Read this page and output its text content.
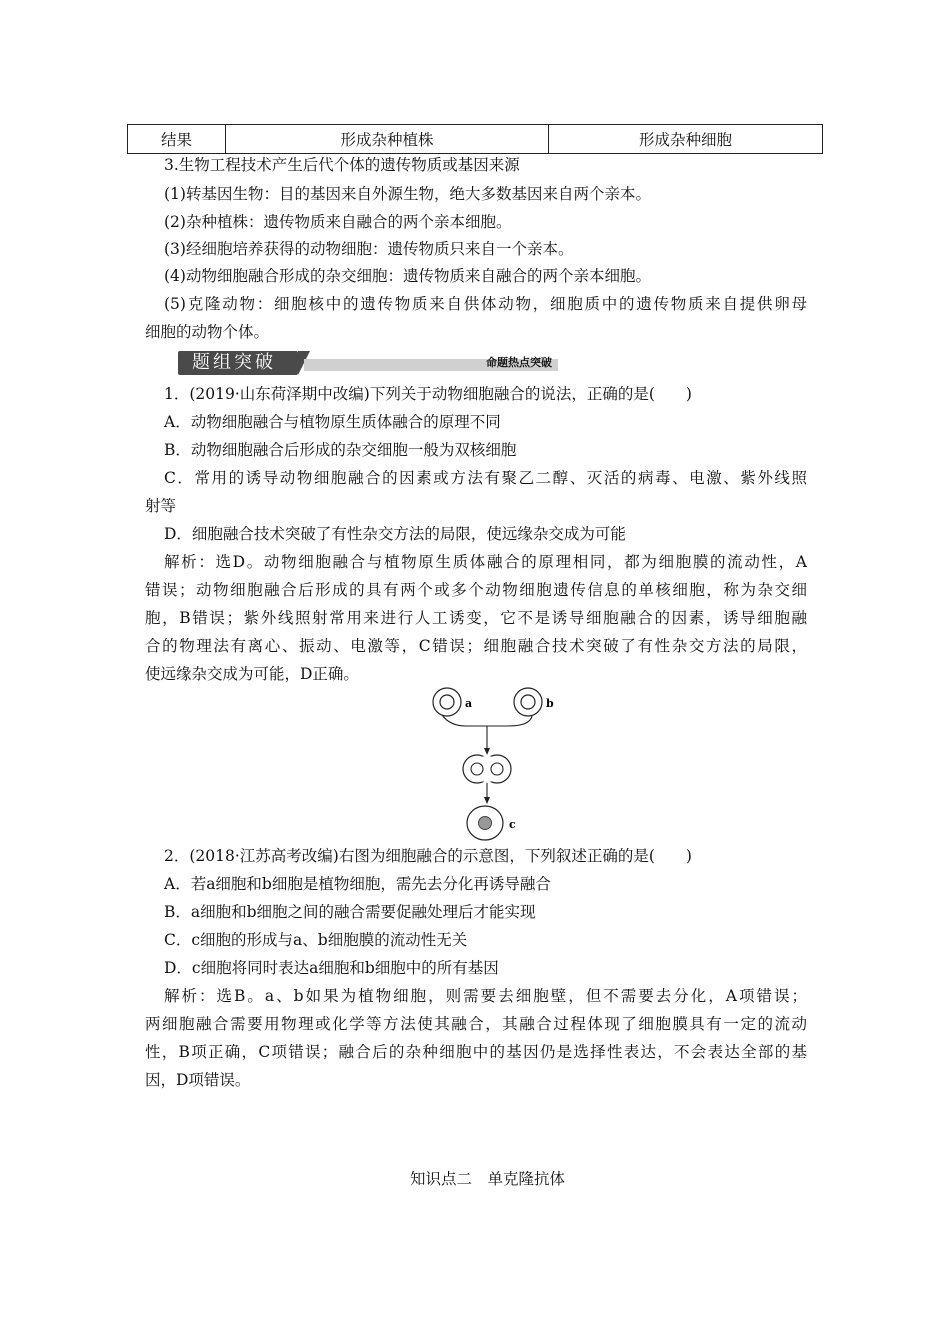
结果	形成杂种植株	形成杂种细胞
3.生物工程技术产生后代个体的遗传物质或基因来源
(1)转基因生物：目的基因来自外源生物，绝大多数基因来自两个亲本。
(2)杂种植株：遗传物质来自融合的两个亲本细胞。
(3)经细胞培养获得的动物细胞：遗传物质只来自一个亲本。
(4)动物细胞融合形成的杂交细胞：遗传物质来自融合的两个亲本细胞。
(5)克隆动物：细胞核中的遗传物质来自供体动物，细胞质中的遗传物质来自提供卵母
细胞的动物个体。
题组突破	命题热点突破
1．(2019·山东荷泽期中改编)下列关于动物细胞融合的说法，正确的是(　　)
A．动物细胞融合与植物原生质体融合的原理不同
B．动物细胞融合后形成的杂交细胞一般为双核细胞
C．常用的诱导动物细胞融合的因素或方法有聚乙二醇、灭活的病毒、电激、紫外线照
射等
D．细胞融合技术突破了有性杂交方法的局限，使远缘杂交成为可能
解析：选D。动物细胞融合与植物原生质体融合的原理相同，都为细胞膜的流动性，A
错误；动物细胞融合后形成的具有两个或多个动物细胞遗传信息的单核细胞，称为杂交细
胞，B错误；紫外线照射常用来进行人工诱变，它不是诱导细胞融合的因素，诱导细胞融
合的物理法有离心、振动、电激等，C错误；细胞融合技术突破了有性杂交方法的局限，
使远缘杂交成为可能，D正确。
a	b
c
2．(2018·江苏高考改编)右图为细胞融合的示意图，下列叙述正确的是(　　)
A．若a细胞和b细胞是植物细胞，需先去分化再诱导融合
B．a细胞和b细胞之间的融合需要促融处理后才能实现
C．c细胞的形成与a、b细胞膜的流动性无关
D．c细胞将同时表达a细胞和b细胞中的所有基因
解析：选B。a、b如果为植物细胞，则需要去细胞壁，但不需要去分化，A项错误；
两细胞融合需要用物理或化学等方法使其融合，其融合过程体现了细胞膜具有一定的流动
性，B项正确，C项错误；融合后的杂种细胞中的基因仍是选择性表达，不会表达全部的基
因，D项错误。
知识点二　单克隆抗体
